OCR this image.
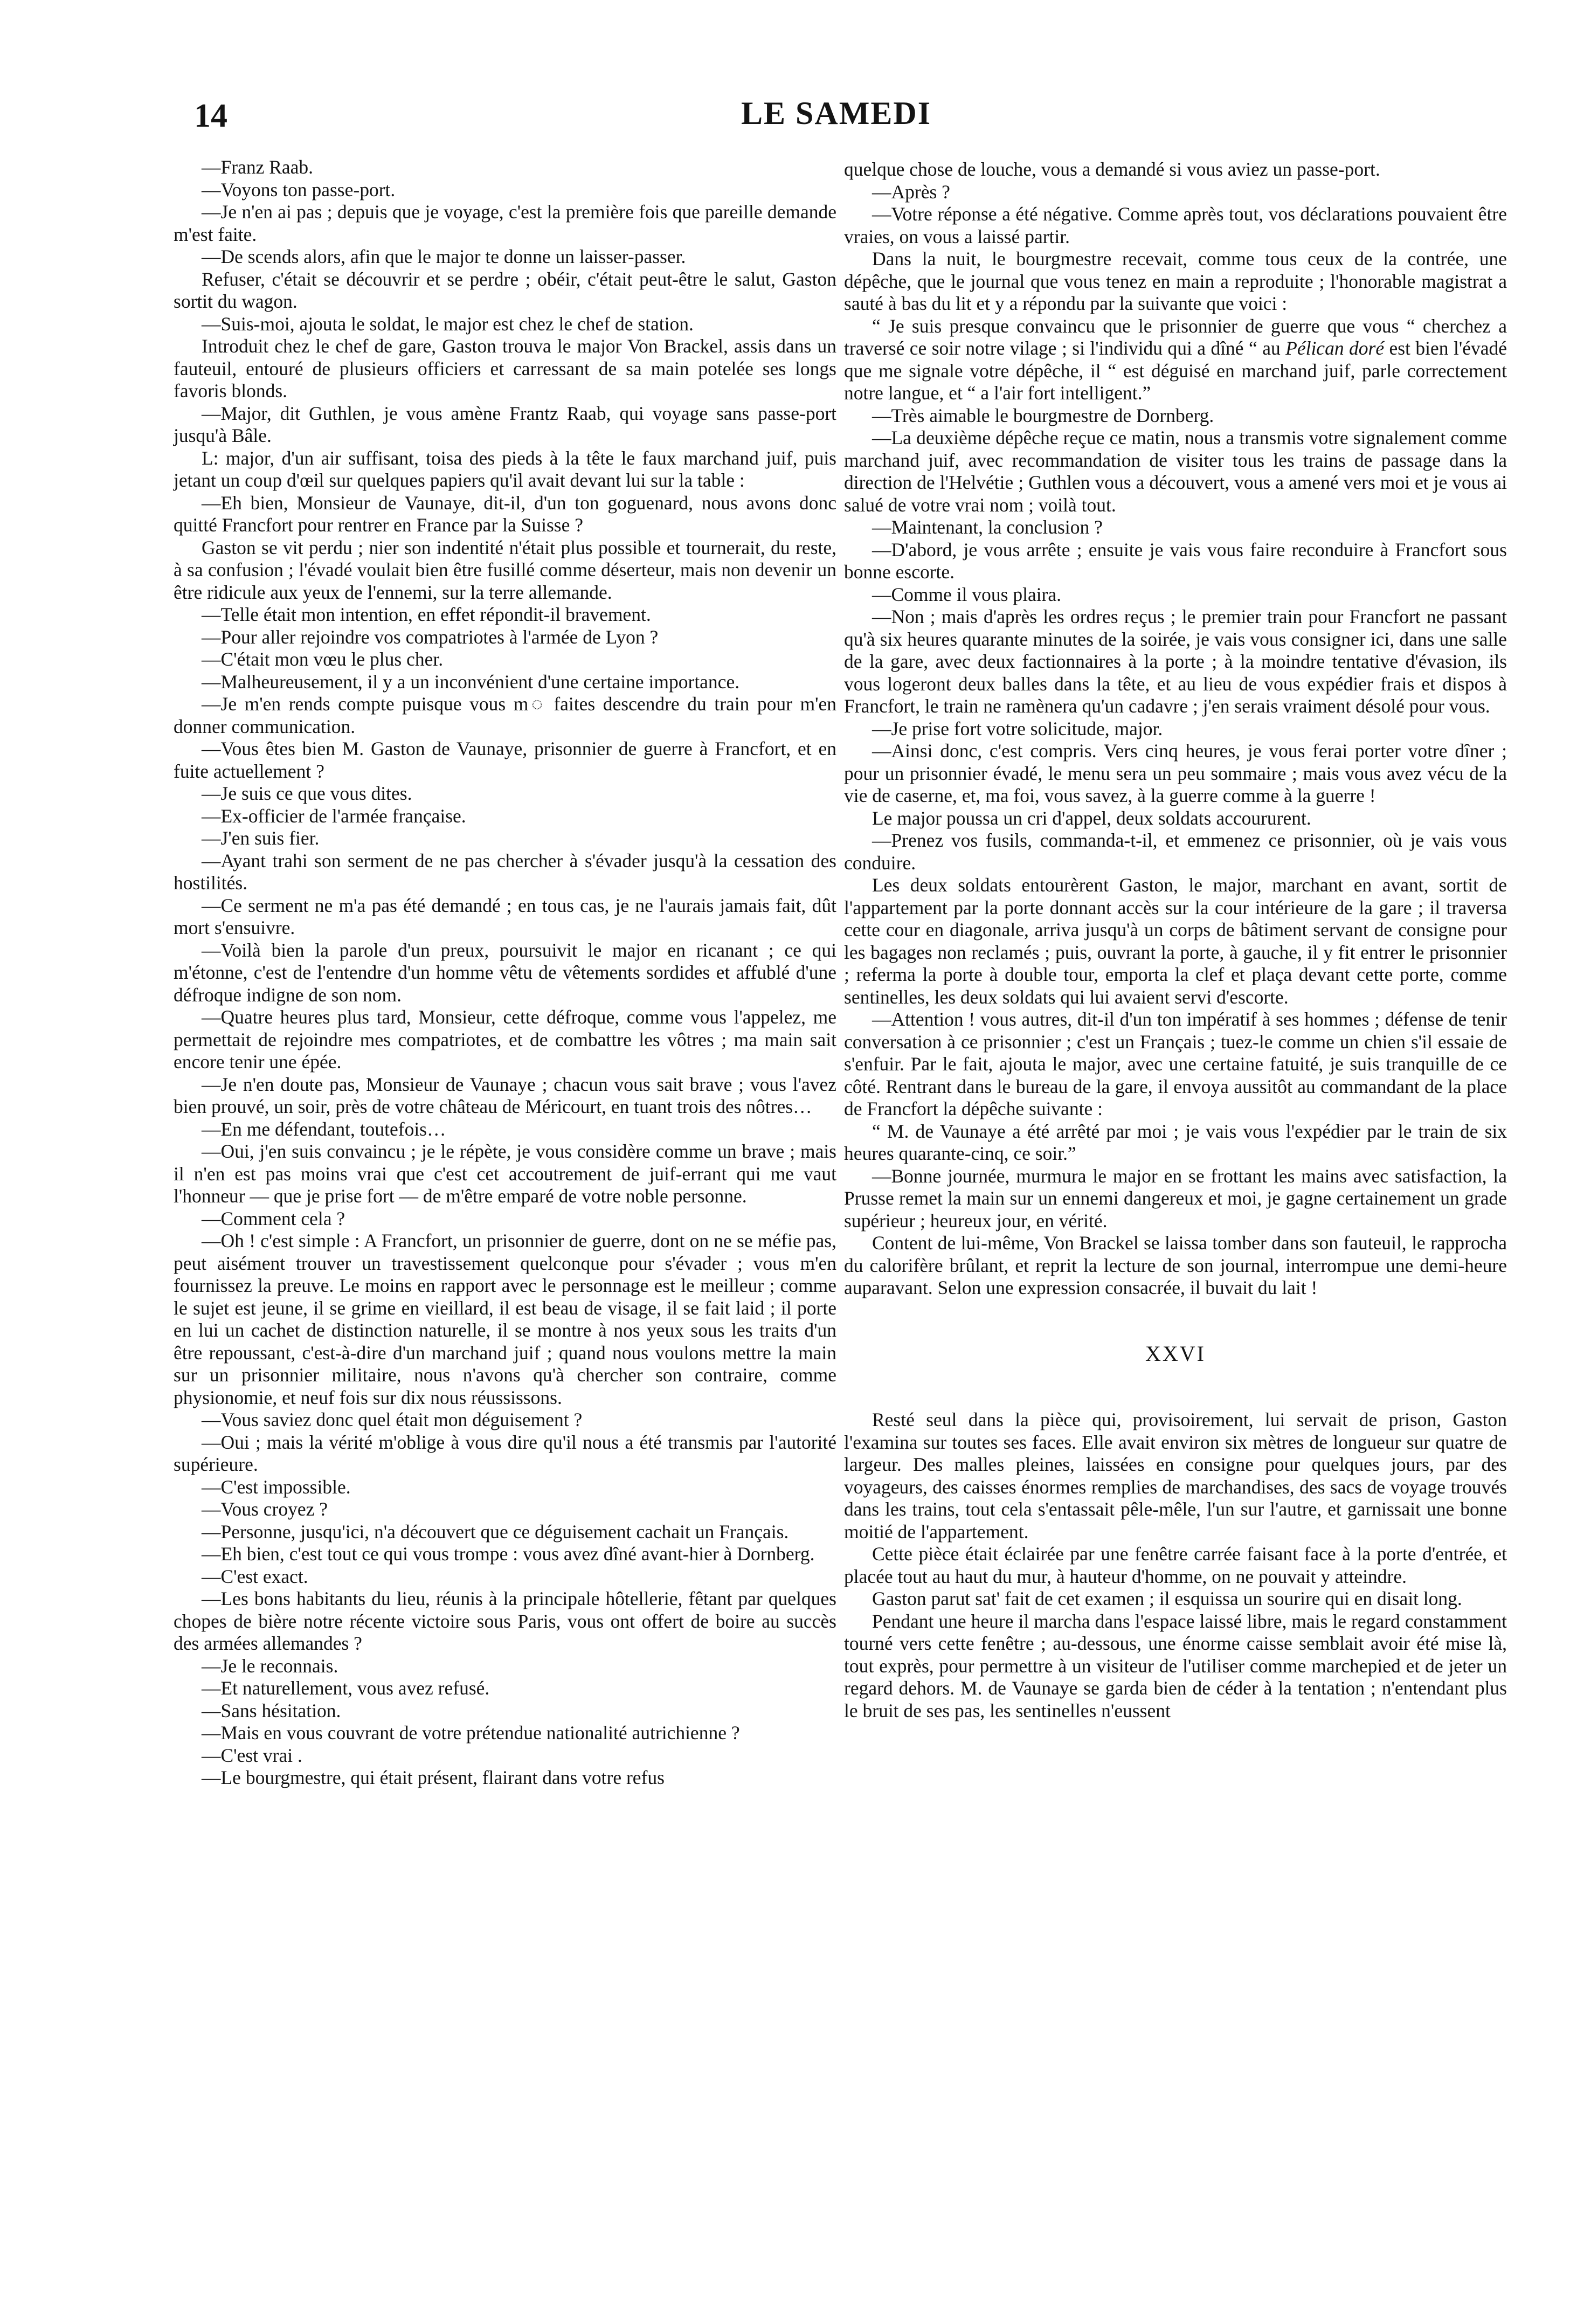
14	LE SAMEDI

—Franz Raab.

—Voyons ton passe-port.

—Je n'en ai pas ; depuis que je voyage, c'est la première fois que pareille demande m'est faite.

—De scends alors, afin que le major te donne un laisser-passer.

Refuser, c'était se découvrir et se perdre ; obéir, c'était peut-être le salut, Gaston sortit du wagon.

—Suis-moi, ajouta le soldat, le major est chez le chef de station.

Introduit chez le chef de gare, Gaston trouva le major Von Brackel, assis dans un fauteuil, entouré de plusieurs officiers et carressant de sa main potelée ses longs favoris blonds.

—Major, dit Guthlen, je vous amène Frantz Raab, qui voyage sans passe-port jusqu'à Bâle.

L: major, d'un air suffisant, toisa des pieds à la tête le faux marchand juif, puis jetant un coup d'œil sur quelques papiers qu'il avait devant lui sur la table :

—Eh bien, Monsieur de Vaunaye, dit-il, d'un ton goguenard, nous avons donc quitté Francfort pour rentrer en France par la Suisse ?

Gaston se vit perdu ; nier son indentité n'était plus possible et tournerait, du reste, à sa confusion ; l'évadé voulait bien être fusillé comme déserteur, mais non devenir un être ridicule aux yeux de l'ennemi, sur la terre allemande.

—Telle était mon intention, en effet répondit-il bravement.

—Pour aller rejoindre vos compatriotes à l'armée de Lyon ?

—C'était mon vœu le plus cher.

—Malheureusement, il y a un inconvénient d'une certaine importance.

—Je m'en rends compte puisque vous m◌ faites descendre du train pour m'en donner communication.

—Vous êtes bien M. Gaston de Vaunaye, prisonnier de guerre à Francfort, et en fuite actuellement ?

—Je suis ce que vous dites.

—Ex-officier de l'armée française.

—J'en suis fier.

—Ayant trahi son serment de ne pas chercher à s'évader jusqu'à la cessation des hostilités.

—Ce serment ne m'a pas été demandé ; en tous cas, je ne l'aurais jamais fait, dût mort s'ensuivre.

—Voilà bien la parole d'un preux, poursuivit le major en ricanant ; ce qui m'étonne, c'est de l'entendre d'un homme vêtu de vêtements sordides et affublé d'une défroque indigne de son nom.

—Quatre heures plus tard, Monsieur, cette défroque, comme vous l'appelez, me permettait de rejoindre mes compatriotes, et de combattre les vôtres ; ma main sait encore tenir une épée.

—Je n'en doute pas, Monsieur de Vaunaye ; chacun vous sait brave ; vous l'avez bien prouvé, un soir, près de votre château de Méricourt, en tuant trois des nôtres…

—En me défendant, toutefois…

—Oui, j'en suis convaincu ; je le répète, je vous considère comme un brave ; mais il n'en est pas moins vrai que c'est cet accoutrement de juif-errant qui me vaut l'honneur — que je prise fort — de m'être emparé de votre noble personne.

—Comment cela ?

—Oh ! c'est simple : A Francfort, un prisonnier de guerre, dont on ne se méfie pas, peut aisément trouver un travestissement quelconque pour s'évader ; vous m'en fournissez la preuve. Le moins en rapport avec le personnage est le meilleur ; comme le sujet est jeune, il se grime en vieillard, il est beau de visage, il se fait laid ; il porte en lui un cachet de distinction naturelle, il se montre à nos yeux sous les traits d'un être repoussant, c'est-à-dire d'un marchand juif ; quand nous voulons mettre la main sur un prisonnier militaire, nous n'avons qu'à chercher son contraire, comme physionomie, et neuf fois sur dix nous réussissons.

—Vous saviez donc quel était mon déguisement ?

—Oui ; mais la vérité m'oblige à vous dire qu'il nous a été transmis par l'autorité supérieure.

—C'est impossible.

—Vous croyez ?

—Personne, jusqu'ici, n'a découvert que ce déguisement cachait un Français.

—Eh bien, c'est tout ce qui vous trompe : vous avez dîné avant-hier à Dornberg.

—C'est exact.

—Les bons habitants du lieu, réunis à la principale hôtellerie, fêtant par quelques chopes de bière notre récente victoire sous Paris, vous ont offert de boire au succès des armées allemandes ?

—Je le reconnais.

—Et naturellement, vous avez refusé.

—Sans hésitation.

—Mais en vous couvrant de votre prétendue nationalité autrichienne ?

—C'est vrai .

—Le bourgmestre, qui était présent, flairant dans votre refus

quelque chose de louche, vous a demandé si vous aviez un passe-port.

—Après ?

—Votre réponse a été négative. Comme après tout, vos déclarations pouvaient être vraies, on vous a laissé partir.

Dans la nuit, le bourgmestre recevait, comme tous ceux de la contrée, une dépêche, que le journal que vous tenez en main a reproduite ; l'honorable magistrat a sauté à bas du lit et y a répondu par la suivante que voici :

“ Je suis presque convaincu que le prisonnier de guerre que vous “ cherchez a traversé ce soir notre vilage ; si l'individu qui a dîné “ au Pélican doré est bien l'évadé que me signale votre dépêche, il “ est déguisé en marchand juif, parle correctement notre langue, et “ a l'air fort intelligent.”

—Très aimable le bourgmestre de Dornberg.

—La deuxième dépêche reçue ce matin, nous a transmis votre signalement comme marchand juif, avec recommandation de visiter tous les trains de passage dans la direction de l'Helvétie ; Guthlen vous a découvert, vous a amené vers moi et je vous ai salué de votre vrai nom ; voilà tout.

—Maintenant, la conclusion ?

—D'abord, je vous arrête ; ensuite je vais vous faire reconduire à Francfort sous bonne escorte.

—Comme il vous plaira.

—Non ; mais d'après les ordres reçus ; le premier train pour Francfort ne passant qu'à six heures quarante minutes de la soirée, je vais vous consigner ici, dans une salle de la gare, avec deux factionnaires à la porte ; à la moindre tentative d'évasion, ils vous logeront deux balles dans la tête, et au lieu de vous expédier frais et dispos à Francfort, le train ne ramènera qu'un cadavre ; j'en serais vraiment désolé pour vous.

—Je prise fort votre solicitude, major.

—Ainsi donc, c'est compris. Vers cinq heures, je vous ferai porter votre dîner ; pour un prisonnier évadé, le menu sera un peu sommaire ; mais vous avez vécu de la vie de caserne, et, ma foi, vous savez, à la guerre comme à la guerre !

Le major poussa un cri d'appel, deux soldats accoururent.

—Prenez vos fusils, commanda-t-il, et emmenez ce prisonnier, où je vais vous conduire.

Les deux soldats entourèrent Gaston, le major, marchant en avant, sortit de l'appartement par la porte donnant accès sur la cour intérieure de la gare ; il traversa cette cour en diagonale, arriva jusqu'à un corps de bâtiment servant de consigne pour les bagages non reclamés ; puis, ouvrant la porte, à gauche, il y fit entrer le prisonnier ; referma la porte à double tour, emporta la clef et plaça devant cette porte, comme sentinelles, les deux soldats qui lui avaient servi d'escorte.

—Attention ! vous autres, dit-il d'un ton impératif à ses hommes ; défense de tenir conversation à ce prisonnier ; c'est un Français ; tuez-le comme un chien s'il essaie de s'enfuir. Par le fait, ajouta le major, avec une certaine fatuité, je suis tranquille de ce côté. Rentrant dans le bureau de la gare, il envoya aussitôt au commandant de la place de Francfort la dépêche suivante :

“ M. de Vaunaye a été arrêté par moi ; je vais vous l'expédier par le train de six heures quarante-cinq, ce soir.”

—Bonne journée, murmura le major en se frottant les mains avec satisfaction, la Prusse remet la main sur un ennemi dangereux et moi, je gagne certainement un grade supérieur ; heureux jour, en vérité.

Content de lui-même, Von Brackel se laissa tomber dans son fauteuil, le rapprocha du calorifère brûlant, et reprit la lecture de son journal, interrompue une demi-heure auparavant. Selon une expression consacrée, il buvait du lait !

XXVI

Resté seul dans la pièce qui, provisoirement, lui servait de prison, Gaston l'examina sur toutes ses faces. Elle avait environ six mètres de longueur sur quatre de largeur. Des malles pleines, laissées en consigne pour quelques jours, par des voyageurs, des caisses énormes remplies de marchandises, des sacs de voyage trouvés dans les trains, tout cela s'entassait pêle-mêle, l'un sur l'autre, et garnissait une bonne moitié de l'appartement.

Cette pièce était éclairée par une fenêtre carrée faisant face à la porte d'entrée, et placée tout au haut du mur, à hauteur d'homme, on ne pouvait y atteindre.

Gaston parut sat' fait de cet examen ; il esquissa un sourire qui en disait long.

Pendant une heure il marcha dans l'espace laissé libre, mais le regard constamment tourné vers cette fenêtre ; au-dessous, une énorme caisse semblait avoir été mise là, tout exprès, pour permettre à un visiteur de l'utiliser comme marchepied et de jeter un regard dehors. M. de Vaunaye se garda bien de céder à la tentation ; n'entendant plus le bruit de ses pas, les sentinelles n'eussent
